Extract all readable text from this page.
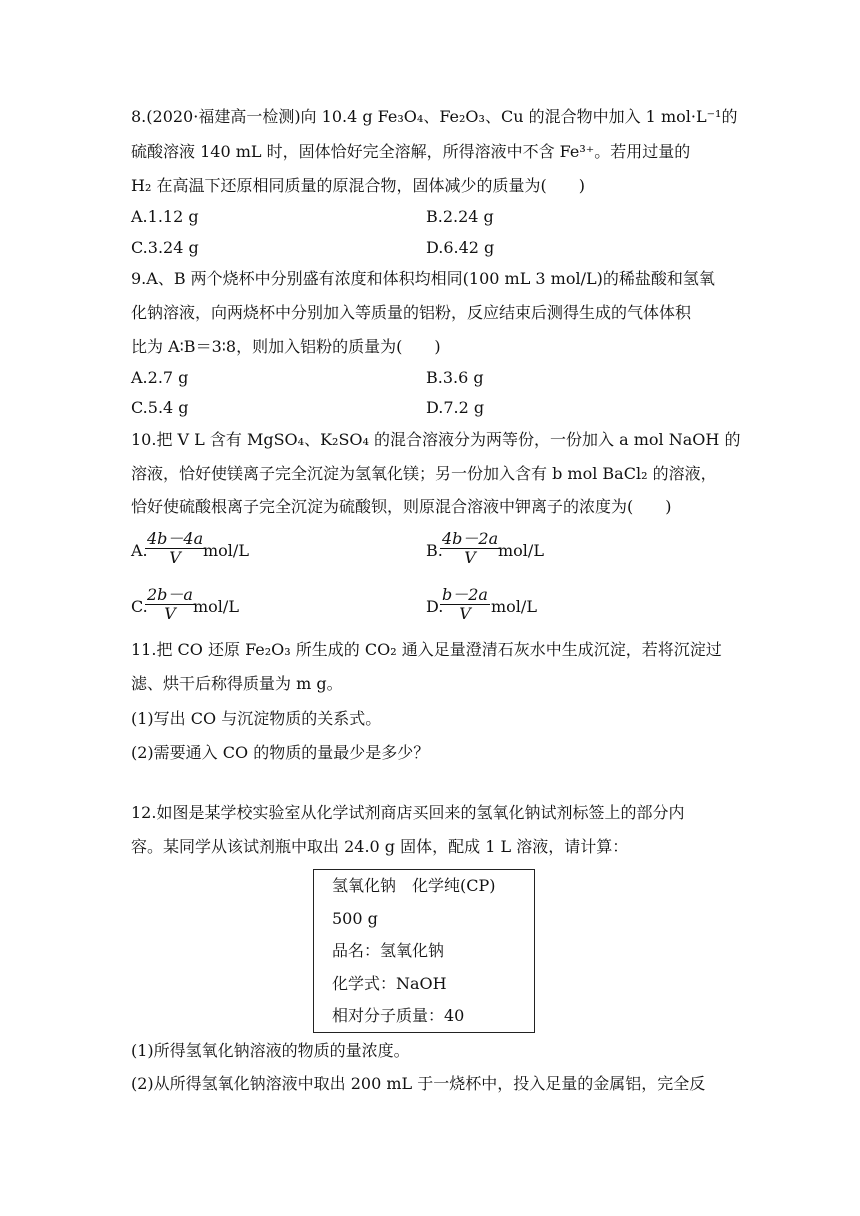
8.(2020·福建高一检测)向 10.4 g Fe₃O₄、Fe₂O₃、Cu 的混合物中加入 1 mol·L⁻¹的
硫酸溶液 140 mL 时，固体恰好完全溶解，所得溶液中不含 Fe³⁺。若用过量的
H₂ 在高温下还原相同质量的原混合物，固体减少的质量为(　　)
A.1.12 g	B.2.24 g
C.3.24 g	D.6.42 g
9.A、B 两个烧杯中分别盛有浓度和体积均相同(100 mL 3 mol/L)的稀盐酸和氢氧
化钠溶液，向两烧杯中分别加入等质量的铝粉，反应结束后测得生成的气体体积
比为 A∶B＝3∶8，则加入铝粉的质量为(　　)
A.2.7 g	B.3.6 g
C.5.4 g	D.7.2 g
10.把 V L 含有 MgSO₄、K₂SO₄ 的混合溶液分为两等份，一份加入 a mol NaOH 的
溶液，恰好使镁离子完全沉淀为氢氧化镁；另一份加入含有 b mol BaCl₂ 的溶液，
恰好使硫酸根离子完全沉淀为硫酸钡，则原混合溶液中钾离子的浓度为(　　)
A.
$\frac{4b-4a}{V}$
mol/L	B.
$\frac{4b-2a}{V}$
mol/L
C.
$\frac{2b-a}{V}$
mol/L	D.
$\frac{b-2a}{V} mol/L$
11.把 CO 还原 Fe₂O₃ 所生成的 CO₂ 通入足量澄清石灰水中生成沉淀，若将沉淀过
滤、烘干后称得质量为 m g。
(1)写出 CO 与沉淀物质的关系式。
(2)需要通入 CO 的物质的量最少是多少？
12.如图是某学校实验室从化学试剂商店买回来的氢氧化钠试剂标签上的部分内
容。某同学从该试剂瓶中取出 24.0 g 固体，配成 1 L 溶液，请计算：
氢氧化钠　化学纯(CP)
500 g
品名：氢氧化钠
化学式：NaOH
相对分子质量：40
(1)所得氢氧化钠溶液的物质的量浓度。
(2)从所得氢氧化钠溶液中取出 200 mL 于一烧杯中，投入足量的金属铝，完全反
